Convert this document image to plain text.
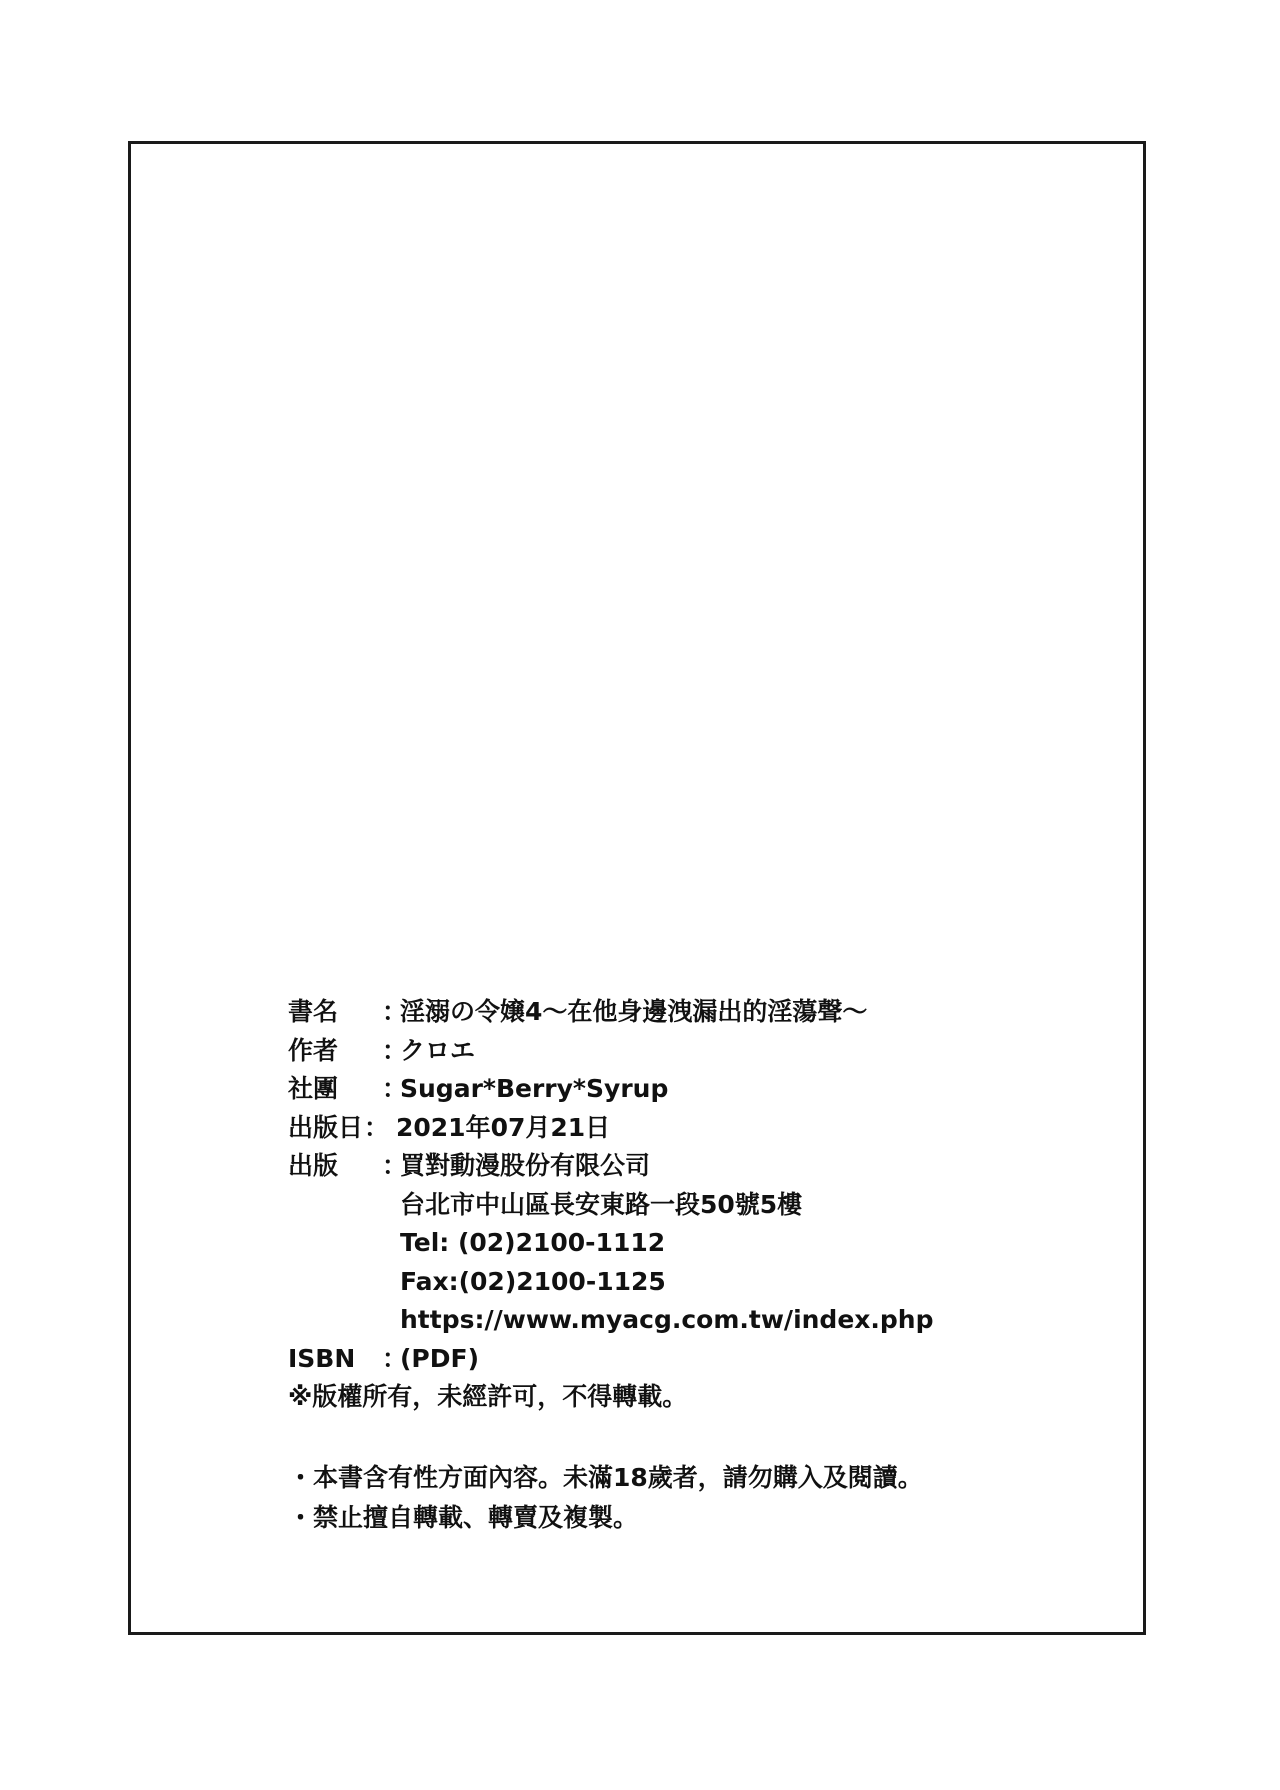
書名 ：
淫溺の令嬢4～在他身邊洩漏出的淫蕩聲～
作者 ：
クロエ
社團 ：
Sugar*Berry*Syrup
出版日 ： 2021年07月21日
出版 ：
買對動漫股份有限公司
台北市中山區長安東路一段50號5樓
Tel: (02)2100-1112
Fax:(02)2100-1125
https://www.myacg.com.tw/index.php
ISBN ：
(PDF)
※版權所有，未經許可，不得轉載。
・本書含有性方面內容。未滿18歲者，請勿購入及閱讀。
・禁止擅自轉載、轉賣及複製。
